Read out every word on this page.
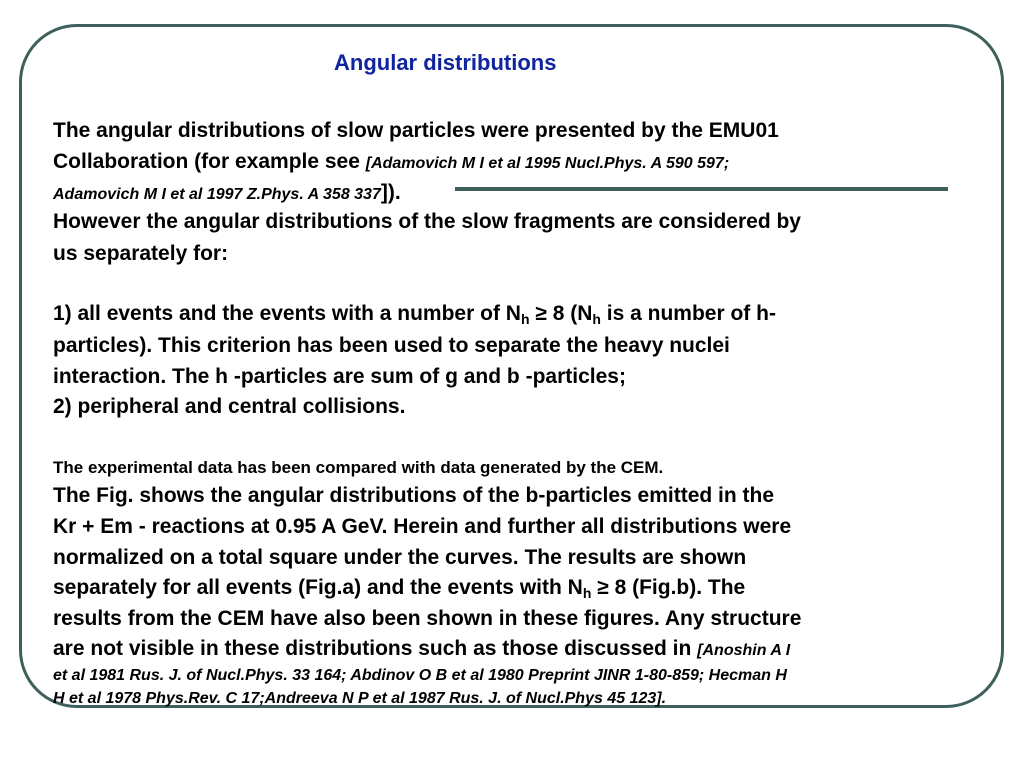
Angular distributions
The angular distributions of slow particles were presented by the EMU01
Collaboration (for example see [Adamovich M I et al 1995 Nucl.Phys. A 590 597;
Adamovich M I et al 1997 Z.Phys. A 358 337]).
However the angular distributions of the slow fragments are considered by
us separately for:
1) all events and the events with a number of $N_h \ge 8$ ($N_h$ is a number of h-
particles). This criterion has been used to separate the heavy nuclei
interaction. The h -particles are sum of g and b -particles;
2) peripheral and central collisions.
The experimental data has been compared with data generated by the CEM.
The Fig. shows the angular distributions of the b-particles emitted in the
Kr + Em - reactions at 0.95 A GeV. Herein and further all distributions were
normalized on a total square under the curves. The results are shown
separately for all events (Fig.a) and the events with $N_h \ge 8$ (Fig.b). The
results from the CEM have also been shown in these figures. Any structure
are not visible in these distributions such as those discussed in [Anoshin A I
et al 1981 Rus. J. of Nucl.Phys. 33 164; Abdinov O B et al 1980 Preprint JINR 1-80-859; Hecman H
H et al 1978 Phys.Rev. C 17;Andreeva N P et al 1987 Rus. J. of Nucl.Phys 45 123].
